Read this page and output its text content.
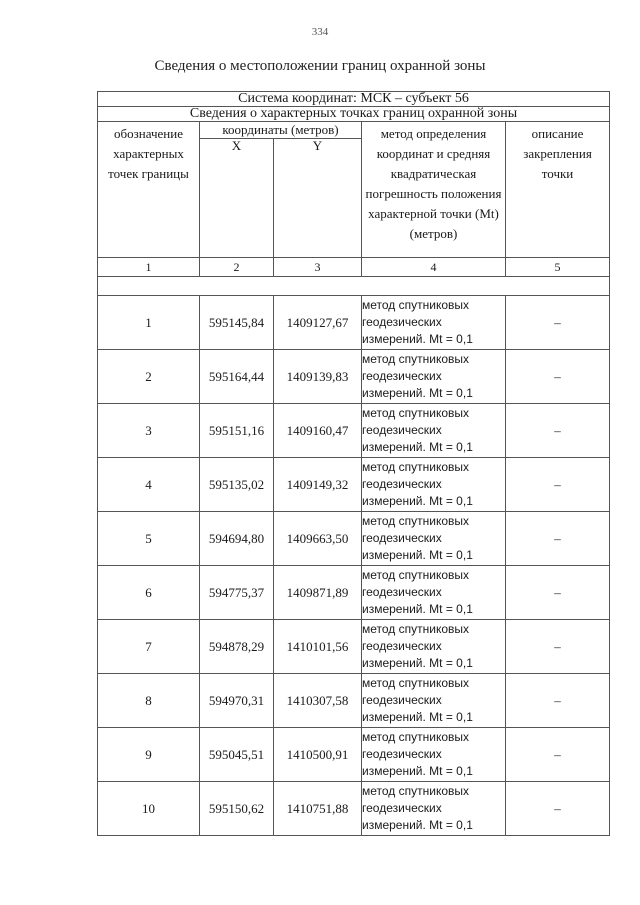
334
Сведения о местоположении границ охранной зоны
Система координат: МСК – субъект 56				
Сведения о характерных точках границ охранной зоны				
обозначение характерных точек границы	координаты (метров)		метод определения координат и средняя квадратическая погрешность положения характерной точки (Mt) (метров)	описание закрепления точки
	X	Y		
1	2	3	4	5

1	595145,84	1409127,67	метод спутниковых геодезических измерений. Mt = 0,1	–
2	595164,44	1409139,83	метод спутниковых геодезических измерений. Mt = 0,1	–
3	595151,16	1409160,47	метод спутниковых геодезических измерений. Mt = 0,1	–
4	595135,02	1409149,32	метод спутниковых геодезических измерений. Mt = 0,1	–
5	594694,80	1409663,50	метод спутниковых геодезических измерений. Mt = 0,1	–
6	594775,37	1409871,89	метод спутниковых геодезических измерений. Mt = 0,1	–
7	594878,29	1410101,56	метод спутниковых геодезических измерений. Mt = 0,1	–
8	594970,31	1410307,58	метод спутниковых геодезических измерений. Mt = 0,1	–
9	595045,51	1410500,91	метод спутниковых геодезических измерений. Mt = 0,1	–
10	595150,62	1410751,88	метод спутниковых геодезических измерений. Mt = 0,1	–
